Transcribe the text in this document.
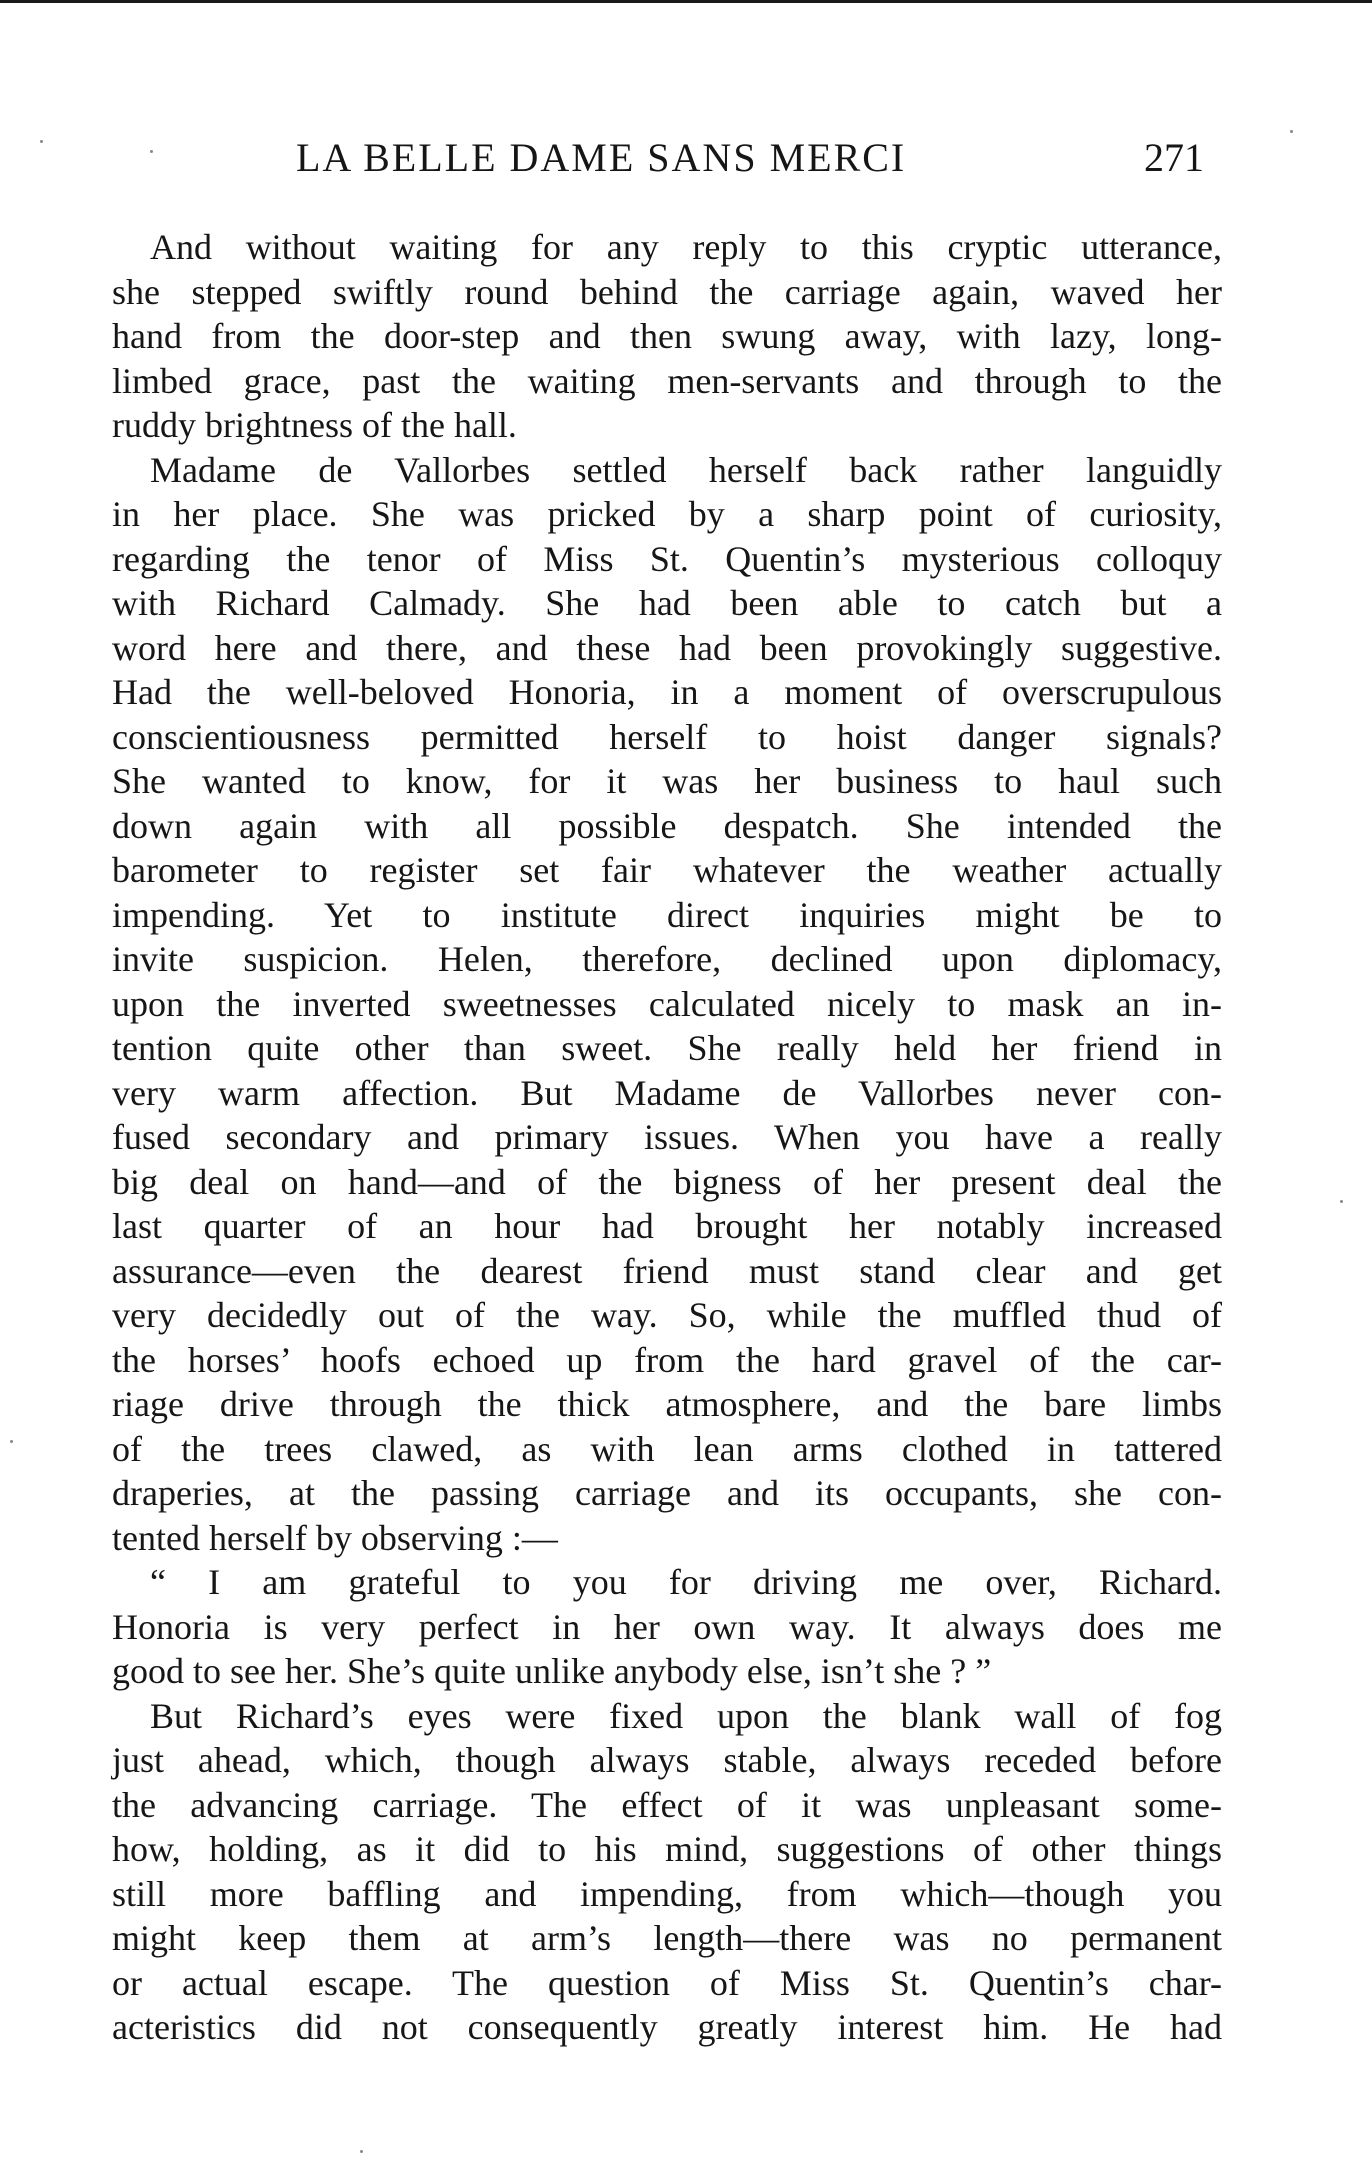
LA BELLE DAME SANS MERCI	271
And without waiting for any reply to this cryptic utterance,
she stepped swiftly round behind the carriage again, waved her
hand from the door-step and then swung away, with lazy, long-
limbed grace, past the waiting men-servants and through to the
ruddy brightness of the hall.
Madame de Vallorbes settled herself back rather languidly
in her place. She was pricked by a sharp point of curiosity,
regarding the tenor of Miss St. Quentin’s mysterious colloquy
with Richard Calmady. She had been able to catch but a
word here and there, and these had been provokingly suggestive.
Had the well-beloved Honoria, in a moment of overscrupulous
conscientiousness permitted herself to hoist danger signals?
She wanted to know, for it was her business to haul such
down again with all possible despatch. She intended the
barometer to register set fair whatever the weather actually
impending. Yet to institute direct inquiries might be to
invite suspicion. Helen, therefore, declined upon diplomacy,
upon the inverted sweetnesses calculated nicely to mask an in-
tention quite other than sweet. She really held her friend in
very warm affection. But Madame de Vallorbes never con-
fused secondary and primary issues. When you have a really
big deal on hand—and of the bigness of her present deal the
last quarter of an hour had brought her notably increased
assurance—even the dearest friend must stand clear and get
very decidedly out of the way. So, while the muffled thud of
the horses’ hoofs echoed up from the hard gravel of the car-
riage drive through the thick atmosphere, and the bare limbs
of the trees clawed, as with lean arms clothed in tattered
draperies, at the passing carriage and its occupants, she con-
tented herself by observing :—
“ I am grateful to you for driving me over, Richard.
Honoria is very perfect in her own way. It always does me
good to see her. She’s quite unlike anybody else, isn’t she ? ”
But Richard’s eyes were fixed upon the blank wall of fog
just ahead, which, though always stable, always receded before
the advancing carriage. The effect of it was unpleasant some-
how, holding, as it did to his mind, suggestions of other things
still more baffling and impending, from which—though you
might keep them at arm’s length—there was no permanent
or actual escape. The question of Miss St. Quentin’s char-
acteristics did not consequently greatly interest him. He had
